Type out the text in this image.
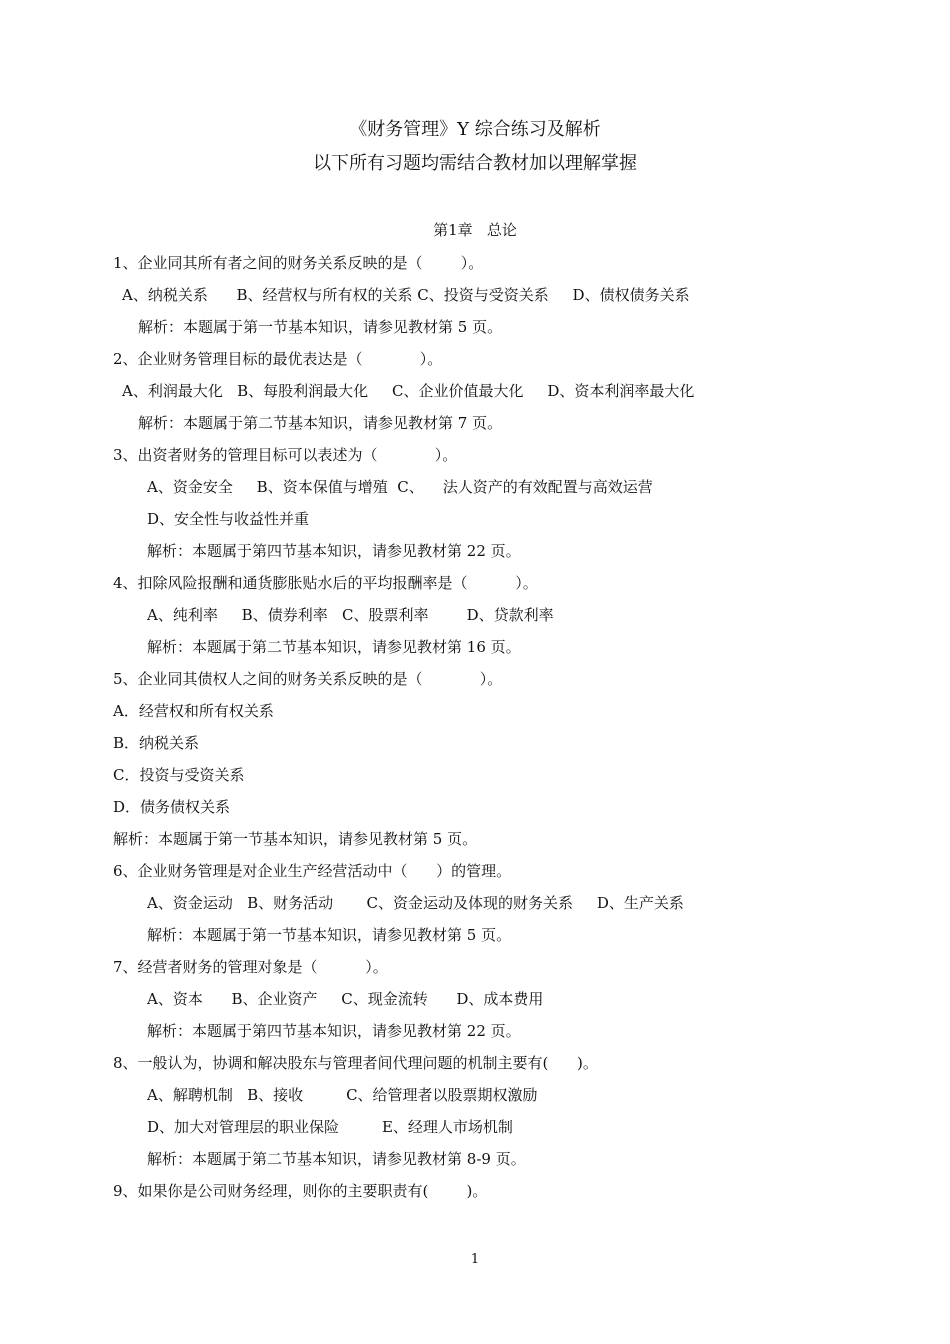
《财务管理》Y 综合练习及解析
以下所有习题均需结合教材加以理解掌握
第1章   总论
1、企业同其所有者之间的财务关系反映的是（        ）。
A、纳税关系      B、经营权与所有权的关系 C、投资与受资关系     D、债权债务关系
解析：本题属于第一节基本知识，请参见教材第 5 页。
2、企业财务管理目标的最优表达是（            ）。
A、利润最大化   B、每股利润最大化     C、企业价值最大化     D、资本利润率最大化
解析：本题属于第二节基本知识，请参见教材第 7 页。
3、出资者财务的管理目标可以表述为（            ）。
A、资金安全     B、资本保值与增殖  C、    法人资产的有效配置与高效运营
D、安全性与收益性并重
解析：本题属于第四节基本知识，请参见教材第 22 页。
4、扣除风险报酬和通货膨胀贴水后的平均报酬率是（          ）。
A、纯利率     B、债券利率   C、股票利率        D、贷款利率
解析：本题属于第二节基本知识，请参见教材第 16 页。
5、企业同其债权人之间的财务关系反映的是（            ）。
A．经营权和所有权关系
B．纳税关系
C．投资与受资关系
D．债务债权关系
解析：本题属于第一节基本知识，请参见教材第 5 页。
6、企业财务管理是对企业生产经营活动中（      ）的管理。
A、资金运动   B、财务活动       C、资金运动及体现的财务关系     D、生产关系
解析：本题属于第一节基本知识，请参见教材第 5 页。
7、经营者财务的管理对象是（          ）。
A、资本      B、企业资产     C、现金流转      D、成本费用
解析：本题属于第四节基本知识，请参见教材第 22 页。
8、一般认为，协调和解决股东与管理者间代理问题的机制主要有(      )。
A、解聘机制   B、接收         C、给管理者以股票期权激励
D、加大对管理层的职业保险         E、经理人市场机制
解析：本题属于第二节基本知识，请参见教材第 8-9 页。
9、如果你是公司财务经理，则你的主要职责有(        )。
1
